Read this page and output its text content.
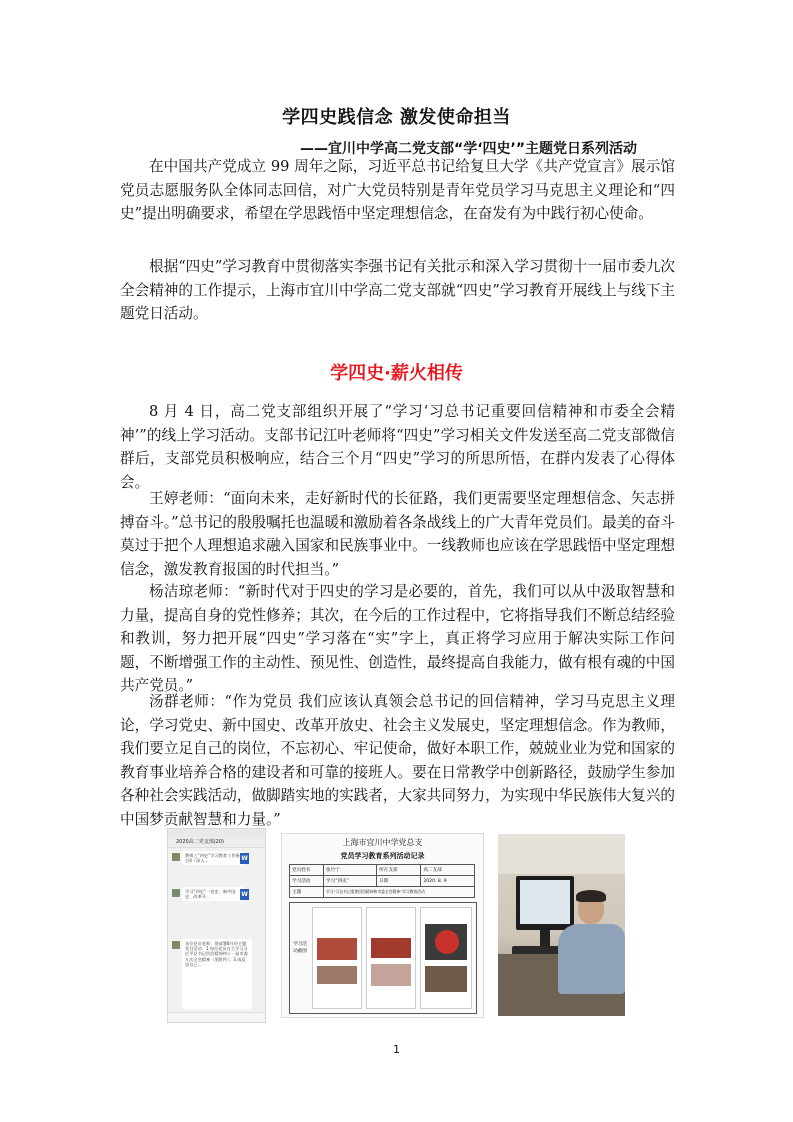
学四史践信念 激发使命担当
——宜川中学高二党支部“学‘四史’”主题党日系列活动

在中国共产党成立 99 周年之际，习近平总书记给复旦大学《共产党宣言》展示馆党员志愿服务队全体同志回信，对广大党员特别是青年党员学习马克思主义理论和“四史”提出明确要求，希望在学思践悟中坚定理想信念，在奋发有为中践行初心使命。

根据“四史”学习教育中贯彻落实李强书记有关批示和深入学习贯彻十一届市委九次全会精神的工作提示，上海市宜川中学高二党支部就“四史”学习教育开展线上与线下主题党日活动。

学四史·薪火相传

8 月 4 日，高二党支部组织开展了“学习‘习总书记重要回信精神和市委全会精神’”的线上学习活动。支部书记江叶老师将“四史”学习相关文件发送至高二党支部微信群后，支部党员积极响应，结合三个月“四史”学习的所思所悟，在群内发表了心得体会。

王婷老师：“面向未来，走好新时代的长征路，我们更需要坚定理想信念、矢志拼搏奋斗。”总书记的殷殷嘱托也温暖和激励着各条战线上的广大青年党员们。最美的奋斗莫过于把个人理想追求融入国家和民族事业中。一线教师也应该在学思践悟中坚定理想信念，激发教育报国的时代担当。”

杨洁琼老师：“新时代对于四史的学习是必要的，首先，我们可以从中汲取智慧和力量，提高自身的党性修养；其次，在今后的工作过程中，它将指导我们不断总结经验和教训，努力把开展“四史”学习落在“实”字上，真正将学习应用于解决实际工作问题，不断增强工作的主动性、预见性、创造性，最终提高自我能力，做有根有魂的中国共产党员。”

汤群老师：“作为党员 我们应该认真领会总书记的回信精神，学习马克思主义理论，学习党史、新中国史、改革开放史、社会主义发展史，坚定理想信念。作为教师，我们要立足自己的岗位，不忘初心、牢记使命，做好本职工作，兢兢业业为党和国家的教育事业培养合格的建设者和可靠的接班人。要在日常教学中创新路径，鼓励学生参加各种社会实践活动，做脚踏实地的实践者，大家共同努力，为实现中华民族伟大复兴的中国梦贡献智慧和力量。”

2020高二党支部(20)
教师之“四史”学习教育工作指引4（深入...	W
学习“四史”一党史、新中国史、改革开...	W
各位党员老师：现部署8月份主题党日活动：1.每位党员自主学习习近平总书记回信精神和十一届市委九次全会精神（见附件）；3.再反思自己…
上海市宜川中学党总支
党员学习教育系列活动记录
党员姓名	张竹宁	所在支部	高二支部
学习活动	学习“四史”	日期	2020. 8. 9
主题	学习“习总书记重要回信精神和市委全会精神”学习教育活动		
学习活动截图
1
